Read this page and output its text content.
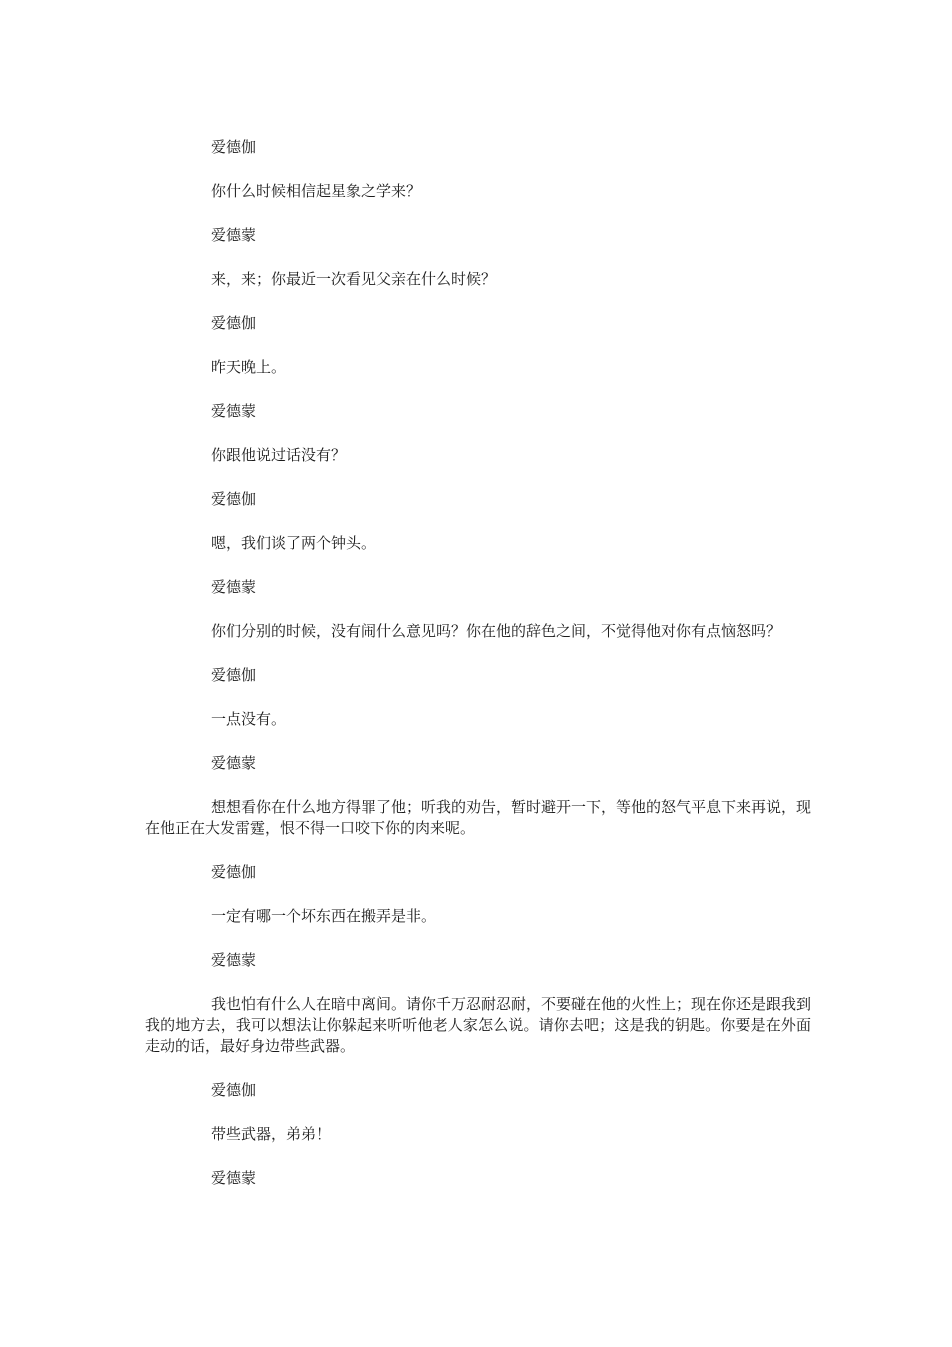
爱德伽

你什么时候相信起星象之学来？

爱德蒙

来，来；你最近一次看见父亲在什么时候？

爱德伽

昨天晚上。

爱德蒙

你跟他说过话没有？

爱德伽

嗯，我们谈了两个钟头。

爱德蒙

你们分别的时候，没有闹什么意见吗？你在他的辞色之间，不觉得他对你有点恼怒吗？

爱德伽

一点没有。

爱德蒙

想想看你在什么地方得罪了他；听我的劝告，暂时避开一下，等他的怒气平息下来再说，现在他正在大发雷霆，恨不得一口咬下你的肉来呢。

爱德伽

一定有哪一个坏东西在搬弄是非。

爱德蒙

我也怕有什么人在暗中离间。请你千万忍耐忍耐，不要碰在他的火性上；现在你还是跟我到我的地方去，我可以想法让你躲起来听听他老人家怎么说。请你去吧；这是我的钥匙。你要是在外面走动的话，最好身边带些武器。

爱德伽

带些武器，弟弟！

爱德蒙
